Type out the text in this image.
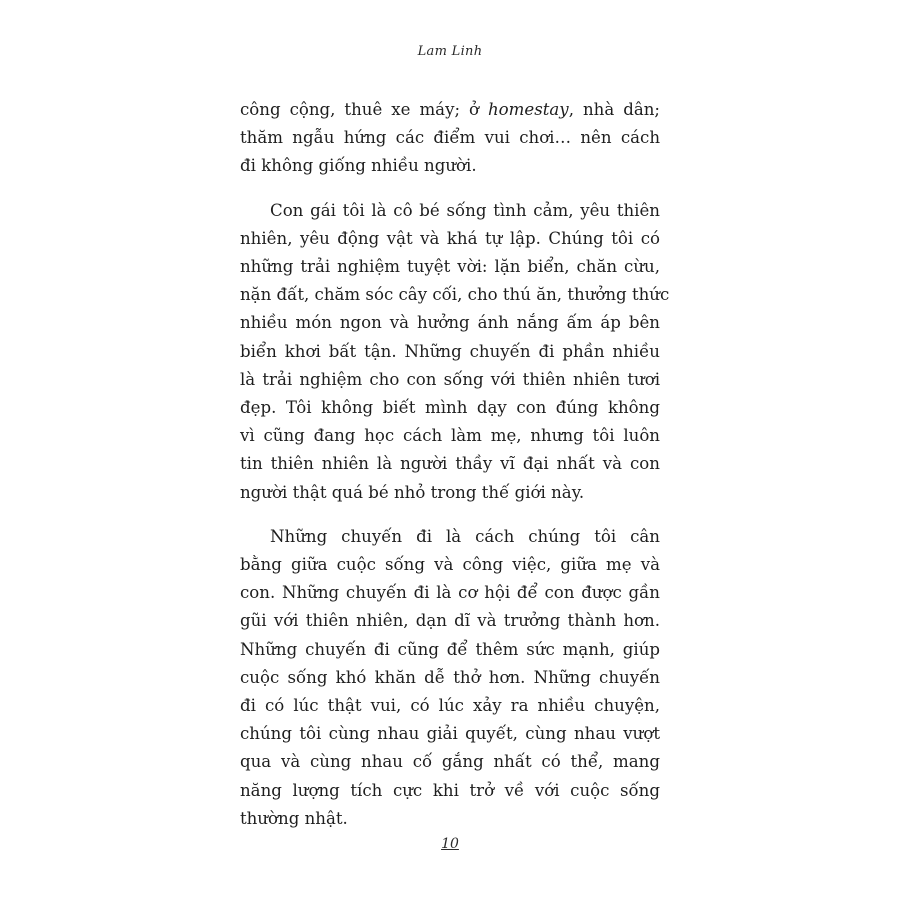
Lam Linh

công cộng, thuê xe máy; ở homestay, nhà dân;
thăm ngẫu hứng các điểm vui chơi… nên cách
đi không giống nhiều người.

Con gái tôi là cô bé sống tình cảm, yêu thiên
nhiên, yêu động vật và khá tự lập. Chúng tôi có
những trải nghiệm tuyệt vời: lặn biển, chăn cừu,
nặn đất, chăm sóc cây cối, cho thú ăn, thưởng thức
nhiều món ngon và hưởng ánh nắng ấm áp bên
biển khơi bất tận. Những chuyến đi phần nhiều
là trải nghiệm cho con sống với thiên nhiên tươi
đẹp. Tôi không biết mình dạy con đúng không
vì cũng đang học cách làm mẹ, nhưng tôi luôn
tin thiên nhiên là người thầy vĩ đại nhất và con
người thật quá bé nhỏ trong thế giới này.

Những chuyến đi là cách chúng tôi cân
bằng giữa cuộc sống và công việc, giữa mẹ và
con. Những chuyến đi là cơ hội để con được gần
gũi với thiên nhiên, dạn dĩ và trưởng thành hơn.
Những chuyến đi cũng để thêm sức mạnh, giúp
cuộc sống khó khăn dễ thở hơn. Những chuyến
đi có lúc thật vui, có lúc xảy ra nhiều chuyện,
chúng tôi cùng nhau giải quyết, cùng nhau vượt
qua và cùng nhau cố gắng nhất có thể, mang
năng lượng tích cực khi trở về với cuộc sống
thường nhật.

10
